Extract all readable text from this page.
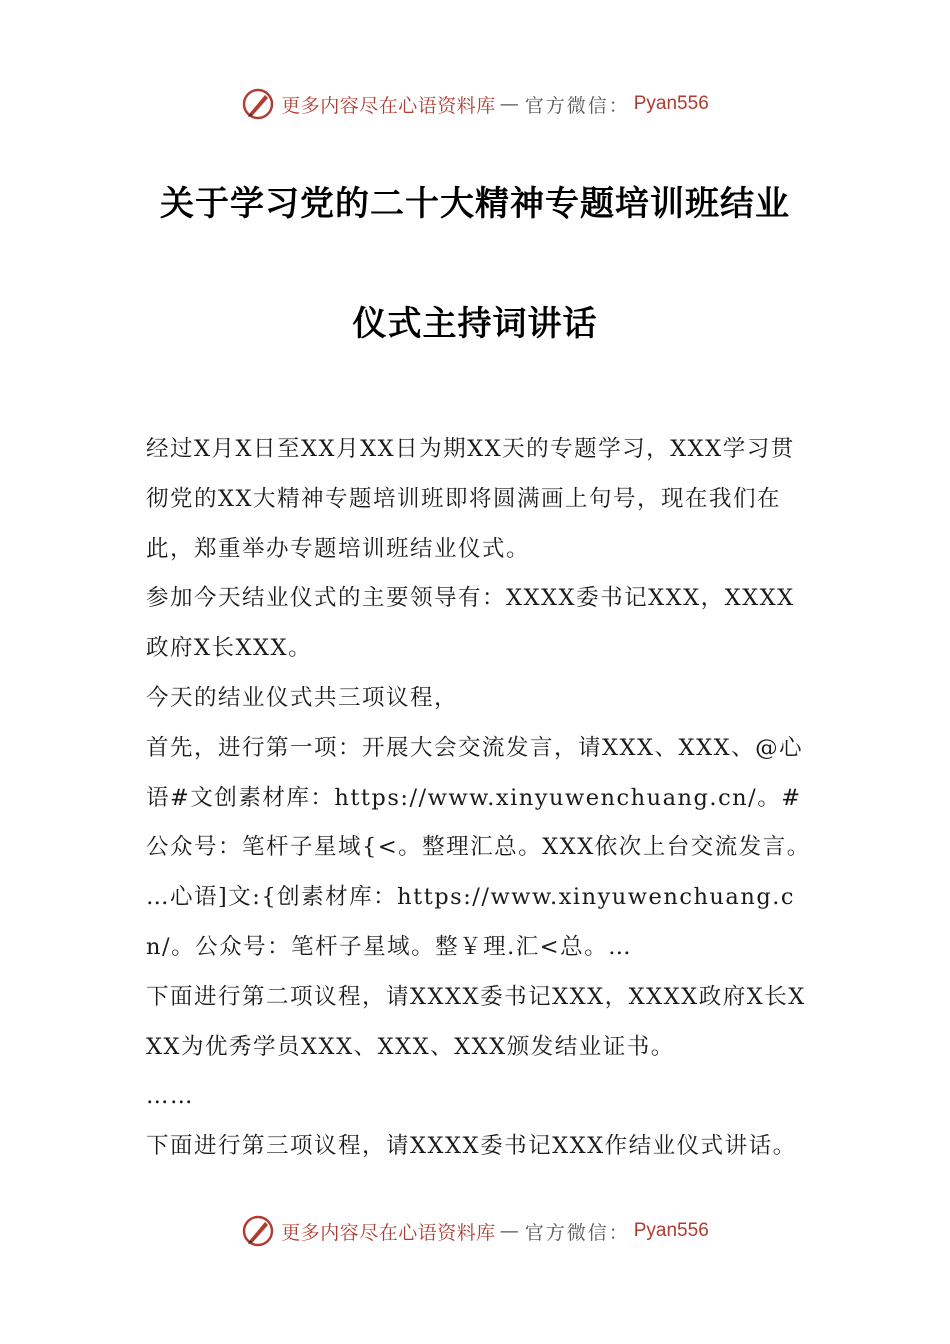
更多内容尽在心语资料库 — 官方微信： Pyan556
关于学习党的二十大精神专题培训班结业
仪式主持词讲话

经过X月X日至XX月XX日为期XX天的专题学习，XXX学习贯彻党的XX大精神专题培训班即将圆满画上句号，现在我们在此，郑重举办专题培训班结业仪式。

参加今天结业仪式的主要领导有：XXXX委书记XXX，XXXX政府X长XXX。

今天的结业仪式共三项议程，

首先，进行第一项：开展大会交流发言，请XXX、XXX、@心语#文创素材库：https://www.xinyuwenchuang.cn/。#公众号：笔杆子星域{<。整理汇总。XXX依次上台交流发言。

…心语]文:{创素材库：https://www.xinyuwenchuang.cn/。公众号：笔杆子星域。整￥理.汇<总。…

下面进行第二项议程，请XXXX委书记XXX，XXXX政府X长XXX为优秀学员XXX、XXX、XXX颁发结业证书。

……

下面进行第三项议程，请XXXX委书记XXX作结业仪式讲话。

更多内容尽在心语资料库 — 官方微信： Pyan556
